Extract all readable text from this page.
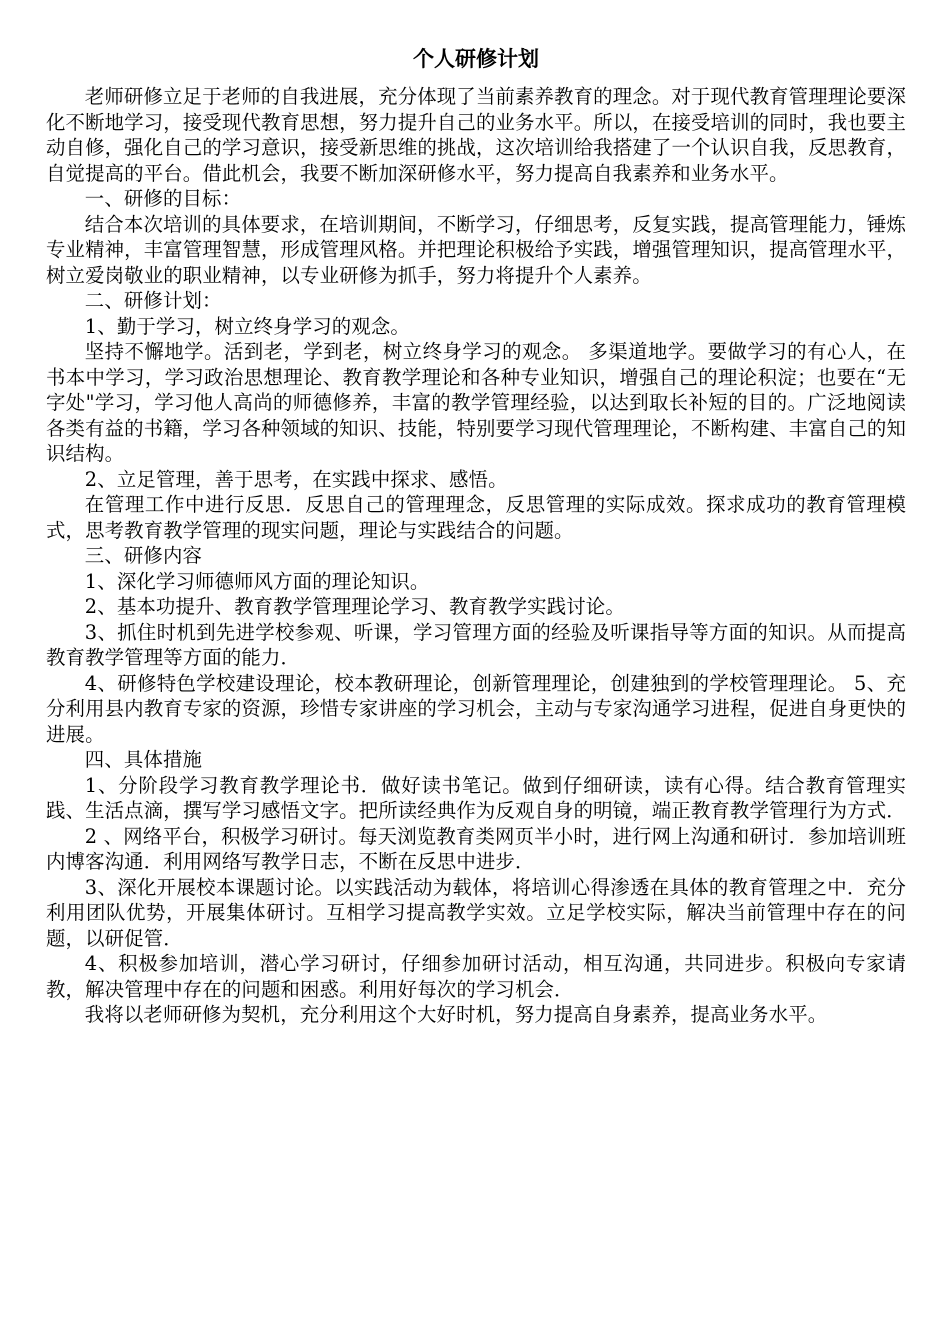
个人研修计划

老师研修立足于老师的自我进展，充分体现了当前素养教育的理念。对于现代教育管理理论要深化不断地学习，接受现代教育思想，努力提升自己的业务水平。所以，在接受培训的同时，我也要主动自修，强化自己的学习意识，接受新思维的挑战，这次培训给我搭建了一个认识自我，反思教育，自觉提高的平台。借此机会，我要不断加深研修水平，努力提高自我素养和业务水平。

一、研修的目标：

结合本次培训的具体要求，在培训期间，不断学习，仔细思考，反复实践，提高管理能力，锤炼专业精神，丰富管理智慧，形成管理风格。并把理论积极给予实践，增强管理知识，提高管理水平，树立爱岗敬业的职业精神，以专业研修为抓手，努力将提升个人素养。

二、研修计划：

1、勤于学习，树立终身学习的观念。

坚持不懈地学。活到老，学到老，树立终身学习的观念。 多渠道地学。要做学习的有心人，在书本中学习，学习政治思想理论、教育教学理论和各种专业知识，增强自己的理论积淀；也要在“无字处"学习，学习他人高尚的师德修养，丰富的教学管理经验，以达到取长补短的目的。广泛地阅读各类有益的书籍，学习各种领域的知识、技能，特别要学习现代管理理论，不断构建、丰富自己的知识结构。

2、立足管理，善于思考，在实践中探求、感悟。

在管理工作中进行反思．反思自己的管理理念，反思管理的实际成效。探求成功的教育管理模式，思考教育教学管理的现实问题，理论与实践结合的问题。

三、研修内容

1、深化学习师德师风方面的理论知识。

2、基本功提升、教育教学管理理论学习、教育教学实践讨论。

3、抓住时机到先进学校参观、听课，学习管理方面的经验及听课指导等方面的知识。从而提高教育教学管理等方面的能力．

4、研修特色学校建设理论，校本教研理论，创新管理理论，创建独到的学校管理理论。 5、充分利用县内教育专家的资源，珍惜专家讲座的学习机会，主动与专家沟通学习进程，促进自身更快的进展。

四、具体措施

1、分阶段学习教育教学理论书．做好读书笔记。做到仔细研读，读有心得。结合教育管理实践、生活点滴，撰写学习感悟文字。把所读经典作为反观自身的明镜，端正教育教学管理行为方式．

2 、网络平台，积极学习研讨。每天浏览教育类网页半小时，进行网上沟通和研讨．参加培训班内博客沟通．利用网络写教学日志，不断在反思中进步．

3、深化开展校本课题讨论。以实践活动为载体，将培训心得渗透在具体的教育管理之中．充分利用团队优势，开展集体研讨。互相学习提高教学实效。立足学校实际，解决当前管理中存在的问题，以研促管．

4、积极参加培训，潜心学习研讨，仔细参加研讨活动，相互沟通，共同进步。积极向专家请教，解决管理中存在的问题和困惑。利用好每次的学习机会．

我将以老师研修为契机，充分利用这个大好时机，努力提高自身素养，提高业务水平。
